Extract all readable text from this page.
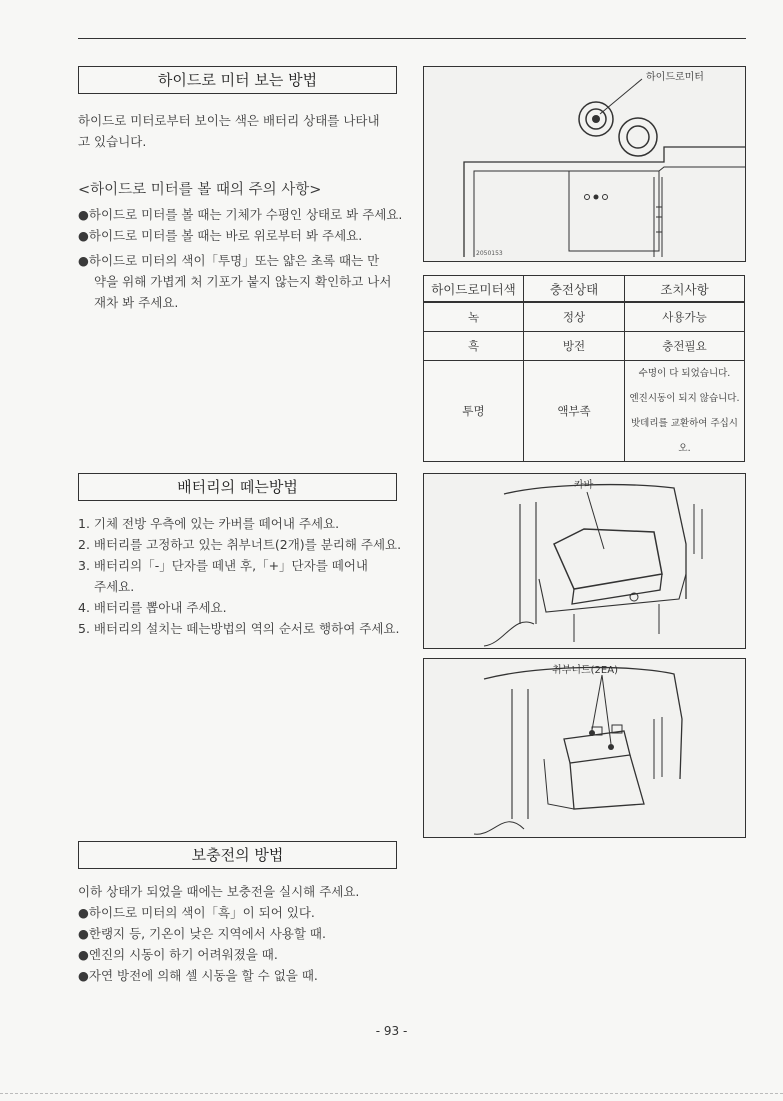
하이드로 미터 보는 방법

하이드로 미터로부터 보이는 색은 배터리 상태를 나타내

고 있습니다.

<하이드로 미터를 볼 때의 주의 사항>

●하이드로 미터를 볼 때는 기체가 수평인 상태로 봐 주세요.

●하이드로 미터를 볼 때는 바로 위로부터 봐 주세요.

●하이드로 미터의 색이「투명」또는 얇은 초록 때는 만

약을 위해 가볍게 처 기포가 붙지 않는지 확인하고 나서

재차 봐 주세요.

하이드로미터
2050153
하이드로미터색	충전상태	조치사항
녹	정상	사용가능
흑	방전	충전필요
투명	액부족	수명이 다 되었습니다.
엔진시동이 되지 않습니다.
밧데리를 교환하여 주십시오.
배터리의 떼는방법

1. 기체 전방 우측에 있는 카버를 떼어내 주세요.

2. 배터리를 고정하고 있는 취부너트(2개)를 분리해 주세요.

3. 배터리의「-」단자를 떼낸 후,「+」단자를 떼어내

주세요.

4. 배터리를 뽑아내 주세요.

5. 배터리의 설치는 떼는방법의 역의 순서로 행하여 주세요.

카바
취부너트(2EA)
보충전의 방법

이하 상태가 되었을 때에는 보충전을 실시해 주세요.

●하이드로 미터의 색이「흑」이 되어 있다.

●한랭지 등, 기온이 낮은 지역에서 사용할 때.

●엔진의 시동이 하기 어려워졌을 때.

●자연 방전에 의해 셀 시동을 할 수 없을 때.

- 93 -
